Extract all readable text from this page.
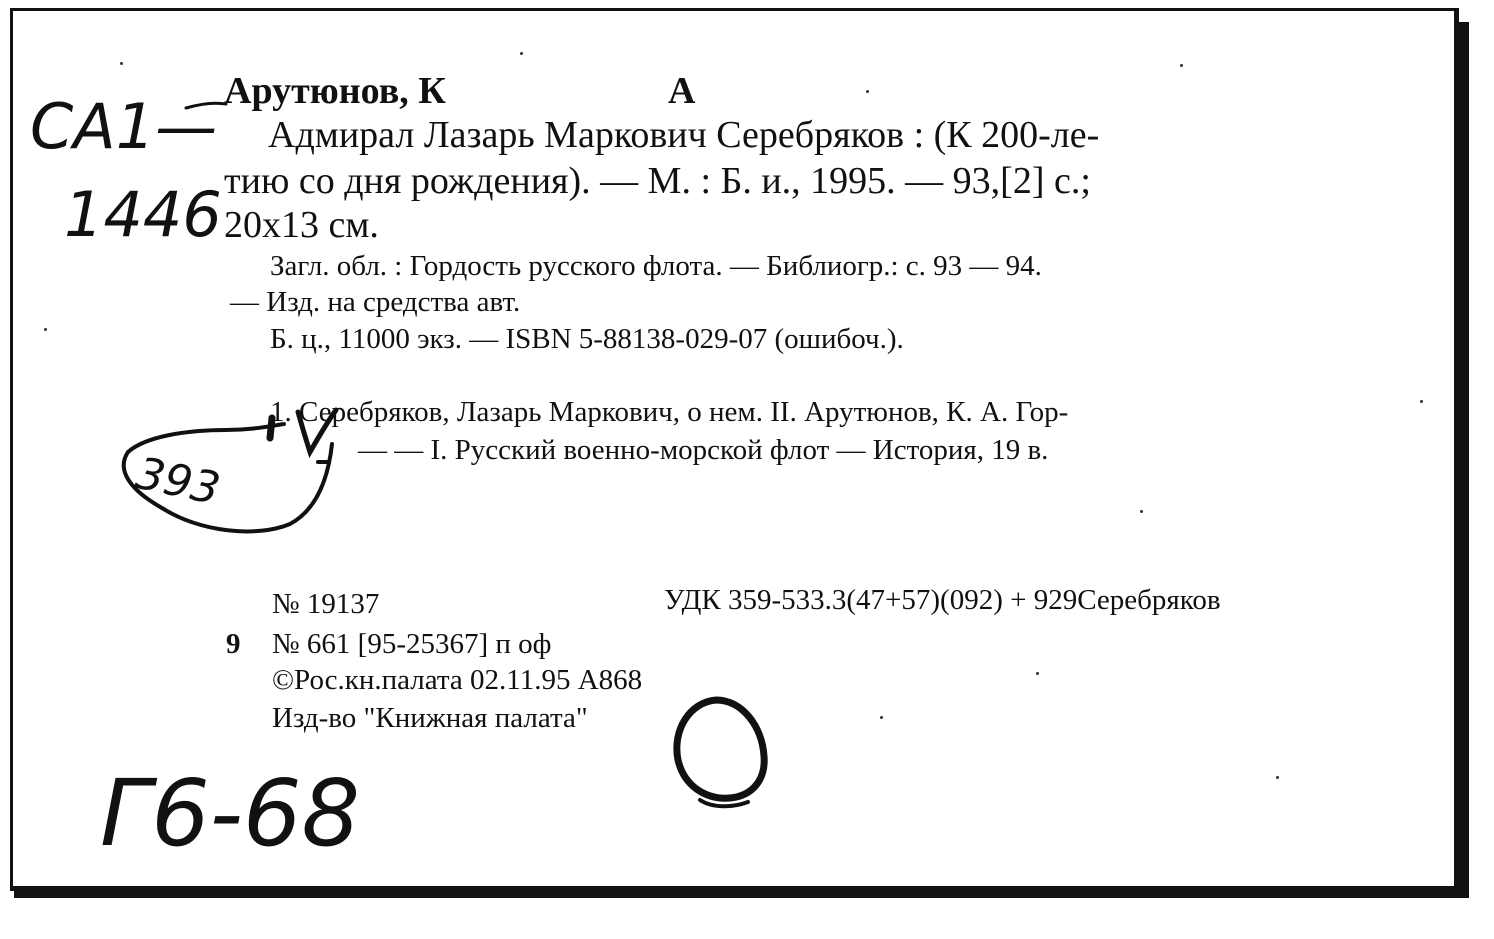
Арутюнов, К	А
Адмирал Лазарь Маркович Серебряков : (К 200-ле-
тию со дня рождения). — М. : Б. и., 1995. — 93,[2] с.;
20х13 см.
Загл. обл. : Гордость русского флота. — Библиогр.: с. 93 — 94.
— Изд. на средства авт.
Б. ц., 11000 экз. — ISBN 5-88138-029-07 (ошибоч.).
1. Серебряков, Лазарь Маркович, о нем. II. Арутюнов, К. А. Гор-
— — I. Русский военно-морской флот — История, 19 в.
№ 19137	УДК 359-533.3(47+57)(092) + 929Серебряков
9 № 661 [95-25367] п оф
©Рос.кн.палата 02.11.95 А868
Изд-во "Книжная палата"
СА1—
1446
393
Г6-68
